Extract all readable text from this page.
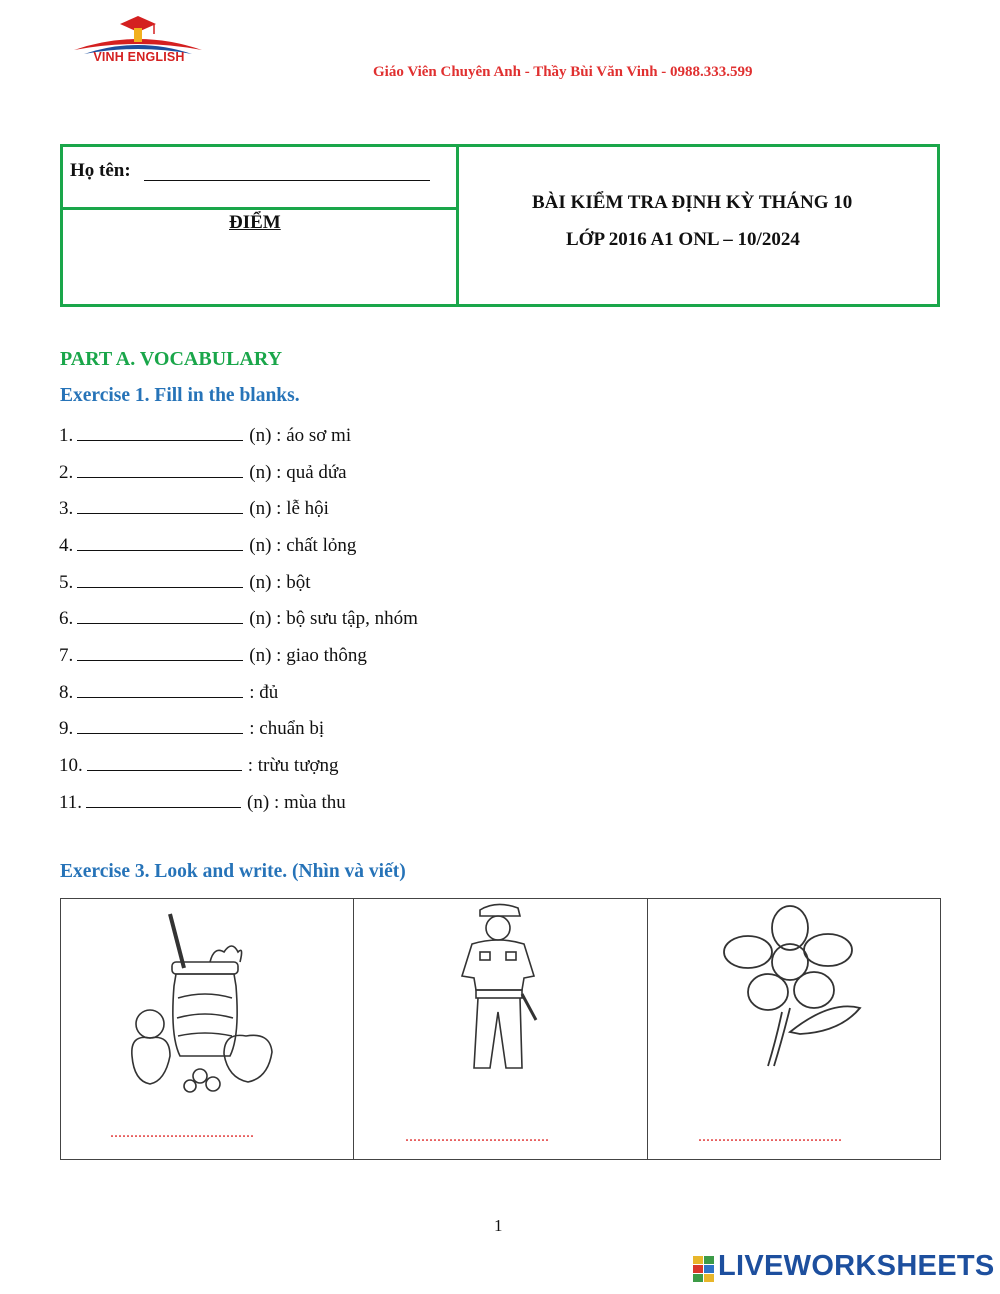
VINH ENGLISH
Giáo Viên Chuyên Anh - Thầy Bùi Văn Vinh - 0988.333.599
Họ tên:
ĐIỂM
BÀI KIỂM TRA ĐỊNH KỲ THÁNG 10
LỚP 2016 A1 ONL – 10/2024
PART A. VOCABULARY
Exercise 1. Fill in the blanks.
1.	(n) : áo sơ mi
2.	(n) : quả dứa
3.	(n) : lễ hội
4.	(n) : chất lỏng
5.	(n) : bột
6.	(n) : bộ sưu tập, nhóm
7.	(n) : giao thông
8.	: đủ
9.	: chuẩn bị
10.	: trừu tượng
11.	(n) : mùa thu
Exercise 3. Look and write. (Nhìn và viết)
....................................	....................................	....................................
1
LIVEWORKSHEETS
